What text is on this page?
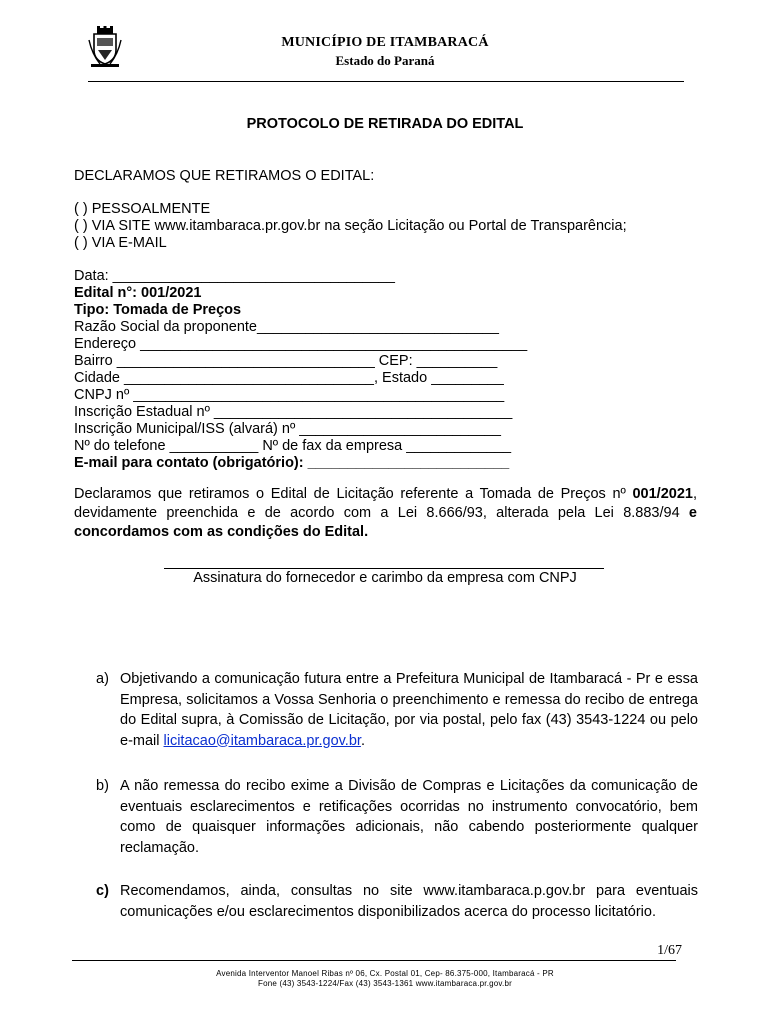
MUNICÍPIO DE ITAMBARACÁ
Estado do Paraná
PROTOCOLO DE RETIRADA DO EDITAL
DECLARAMOS QUE RETIRAMOS O EDITAL:
( ) PESSOALMENTE
( ) VIA SITE www.itambaraca.pr.gov.br na seção Licitação ou Portal de Transparência;
( ) VIA E-MAIL
Data: ___________________________________
Edital n°: 001/2021
Tipo: Tomada de Preços
Razão Social da proponente______________________________
Endereço ________________________________________________
Bairro ________________________________ CEP: __________
Cidade _______________________________, Estado _________
CNPJ nº ______________________________________________
Inscrição Estadual nº _____________________________________
Inscrição Municipal/ISS (alvará) nº _________________________
Nº do telefone ___________ Nº de fax da empresa _____________
E-mail para contato (obrigatório): _________________________
Declaramos que retiramos o Edital de Licitação referente a Tomada de Preços nº 001/2021, devidamente preenchida e de acordo com a Lei 8.666/93, alterada pela Lei 8.883/94 e concordamos com as condições do Edital.
Assinatura do fornecedor e carimbo da empresa com CNPJ
a) Objetivando a comunicação futura entre a Prefeitura Municipal de Itambaracá - Pr e essa Empresa, solicitamos a Vossa Senhoria o preenchimento e remessa do recibo de entrega do Edital supra, à Comissão de Licitação, por via postal, pelo fax (43) 3543-1224 ou pelo e-mail licitacao@itambaraca.pr.gov.br.
b) A não remessa do recibo exime a Divisão de Compras e Licitações da comunicação de eventuais esclarecimentos e retificações ocorridas no instrumento convocatório, bem como de quaisquer informações adicionais, não cabendo posteriormente qualquer reclamação.
c) Recomendamos, ainda, consultas no site www.itambaraca.p.gov.br para eventuais comunicações e/ou esclarecimentos disponibilizados acerca do processo licitatório.
1/67
Avenida Interventor Manoel Ribas nº 06, Cx. Postal 01, Cep- 86.375-000, Itambaracá - PR
Fone (43) 3543-1224/Fax (43) 3543-1361 www.itambaraca.pr.gov.br
